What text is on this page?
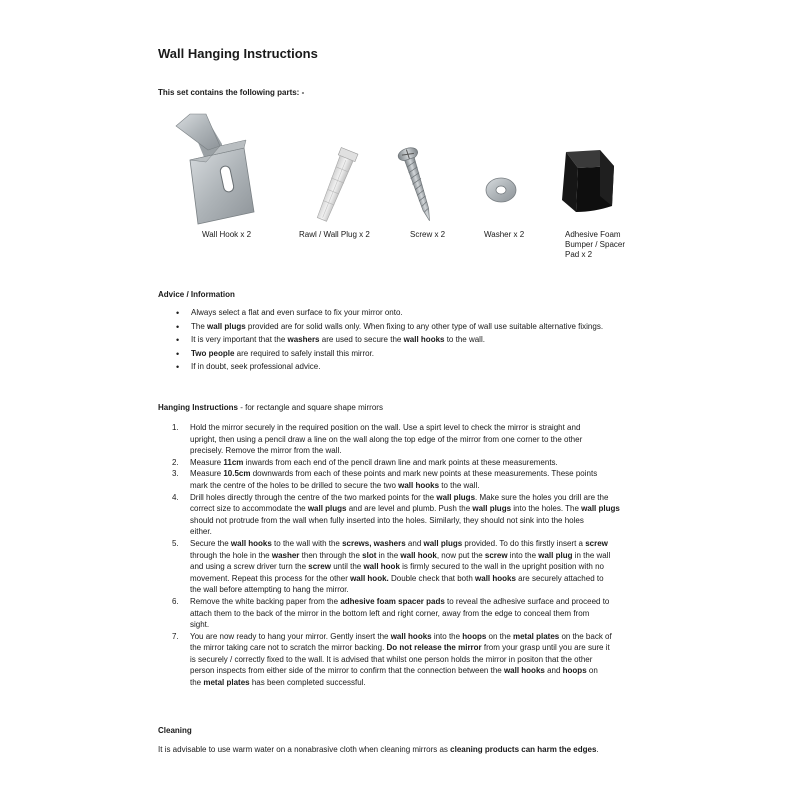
Wall Hanging Instructions
This set contains the following parts: -
Wall Hook x 2	Rawl / Wall Plug x 2	Screw x 2	Washer x 2	Adhesive Foam
Bumper / Spacer
Pad x 2
Advice / Information
• Always select a flat and even surface to fix your mirror onto.
• The wall plugs provided are for solid walls only. When fixing to any other type of wall use suitable alternative fixings.
• It is very important that the washers are used to secure the wall hooks to the wall.
• Two people are required to safely install this mirror.
• If in doubt, seek professional advice.
Hanging Instructions - for rectangle and square shape mirrors
1. Hold the mirror securely in the required position on the wall. Use a spirt level to check the mirror is straight and
upright, then using a pencil draw a line on the wall along the top edge of the mirror from one corner to the other
precisely. Remove the mirror from the wall.
2. Measure 11cm inwards from each end of the pencil drawn line and mark points at these measurements.
3. Measure 10.5cm downwards from each of these points and mark new points at these measurements. These points
mark the centre of the holes to be drilled to secure the two wall hooks to the wall.
4. Drill holes directly through the centre of the two marked points for the wall plugs. Make sure the holes you drill are the
correct size to accommodate the wall plugs and are level and plumb. Push the wall plugs into the holes. The wall plugs
should not protrude from the wall when fully inserted into the holes. Similarly, they should not sink into the holes
either.
5. Secure the wall hooks to the wall with the screws, washers and wall plugs provided. To do this firstly insert a screw
through the hole in the washer then through the slot in the wall hook, now put the screw into the wall plug in the wall
and using a screw driver turn the screw until the wall hook is firmly secured to the wall in the upright position with no
movement. Repeat this process for the other wall hook. Double check that both wall hooks are securely attached to
the wall before attempting to hang the mirror.
6. Remove the white backing paper from the adhesive foam spacer pads to reveal the adhesive surface and proceed to
attach them to the back of the mirror in the bottom left and right corner, away from the edge to conceal them from
sight.
7. You are now ready to hang your mirror. Gently insert the wall hooks into the hoops on the metal plates on the back of
the mirror taking care not to scratch the mirror backing. Do not release the mirror from your grasp until you are sure it
is securely / correctly fixed to the wall. It is advised that whilst one person holds the mirror in positon that the other
person inspects from either side of the mirror to confirm that the connection between the wall hooks and hoops on
the metal plates has been completed successful.
Cleaning
It is advisable to use warm water on a nonabrasive cloth when cleaning mirrors as cleaning products can harm the edges.
